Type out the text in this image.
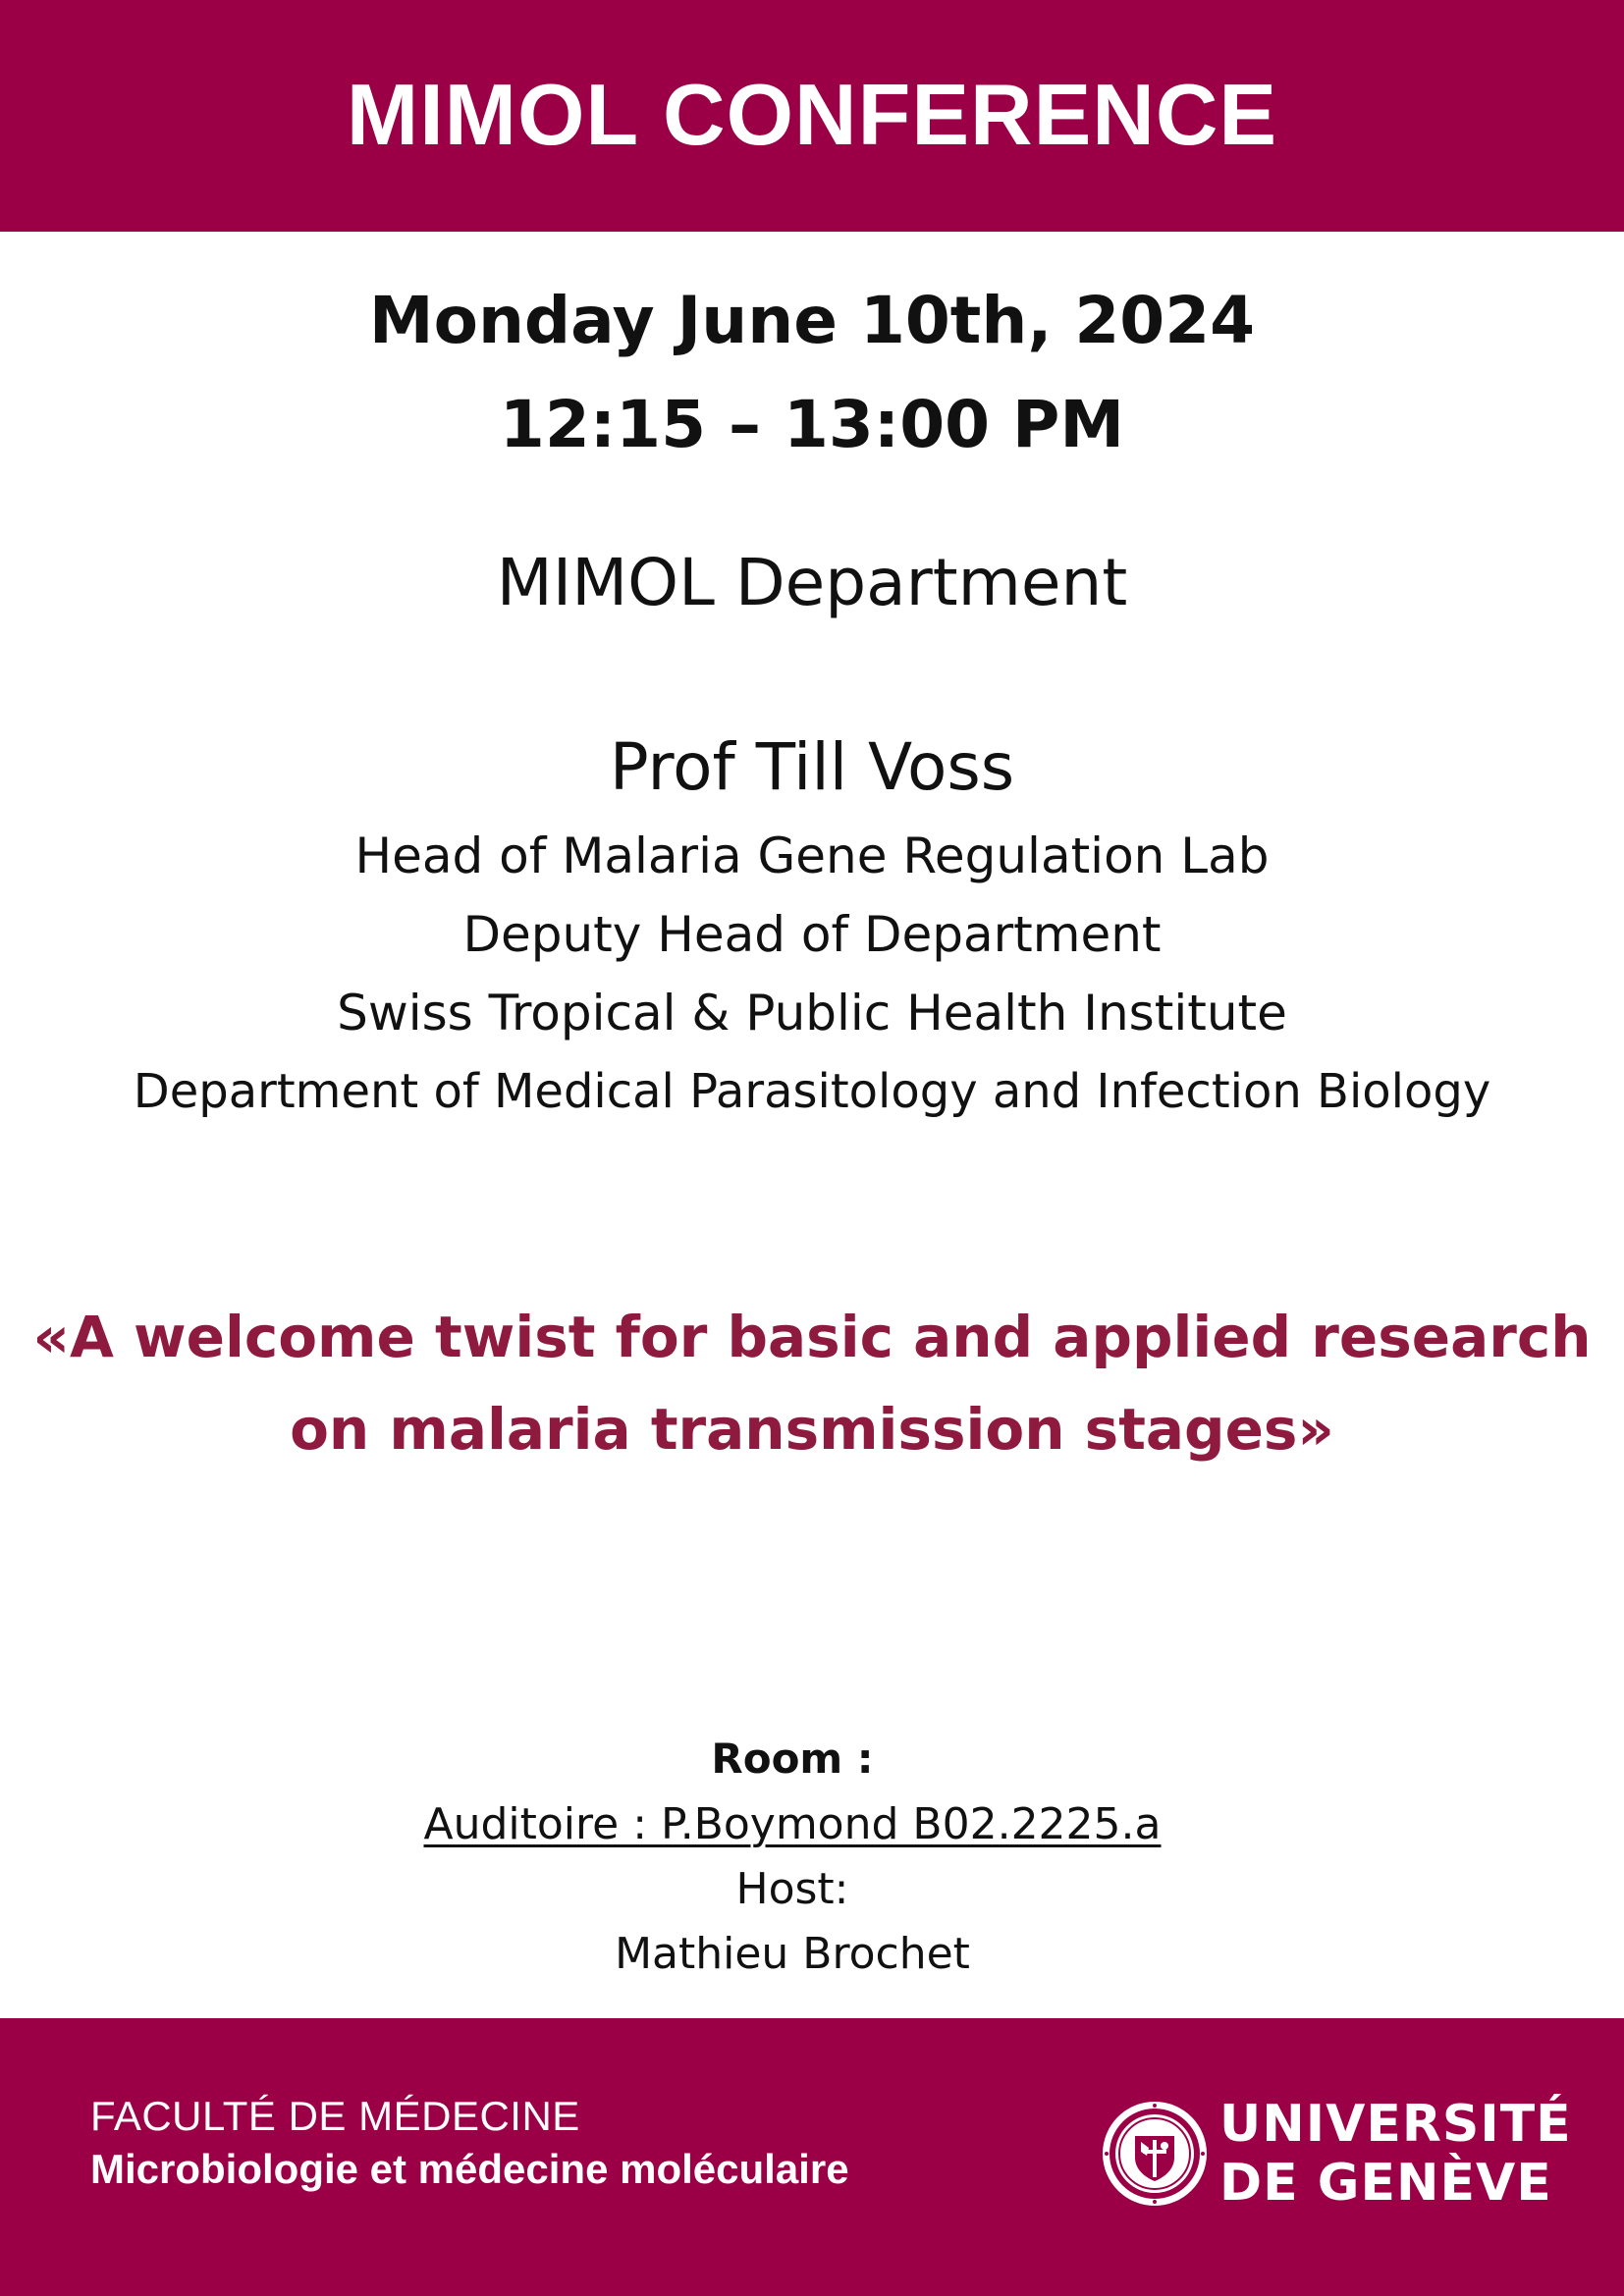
MIMOL CONFERENCE
Monday June 10th, 2024
12:15 – 13:00 PM
MIMOL Department
Prof Till Voss
Head of Malaria Gene Regulation Lab
Deputy Head of Department
Swiss Tropical & Public Health Institute
Department of Medical Parasitology and Infection Biology
«A welcome twist for basic and applied research
on malaria transmission stages»
Room :
Auditoire : P.Boymond B02.2225.a
Host:
Mathieu Brochet
FACULTÉ DE MÉDECINE
Microbiologie et médecine moléculaire
UNIVERSITÉ
DE GENÈVE
